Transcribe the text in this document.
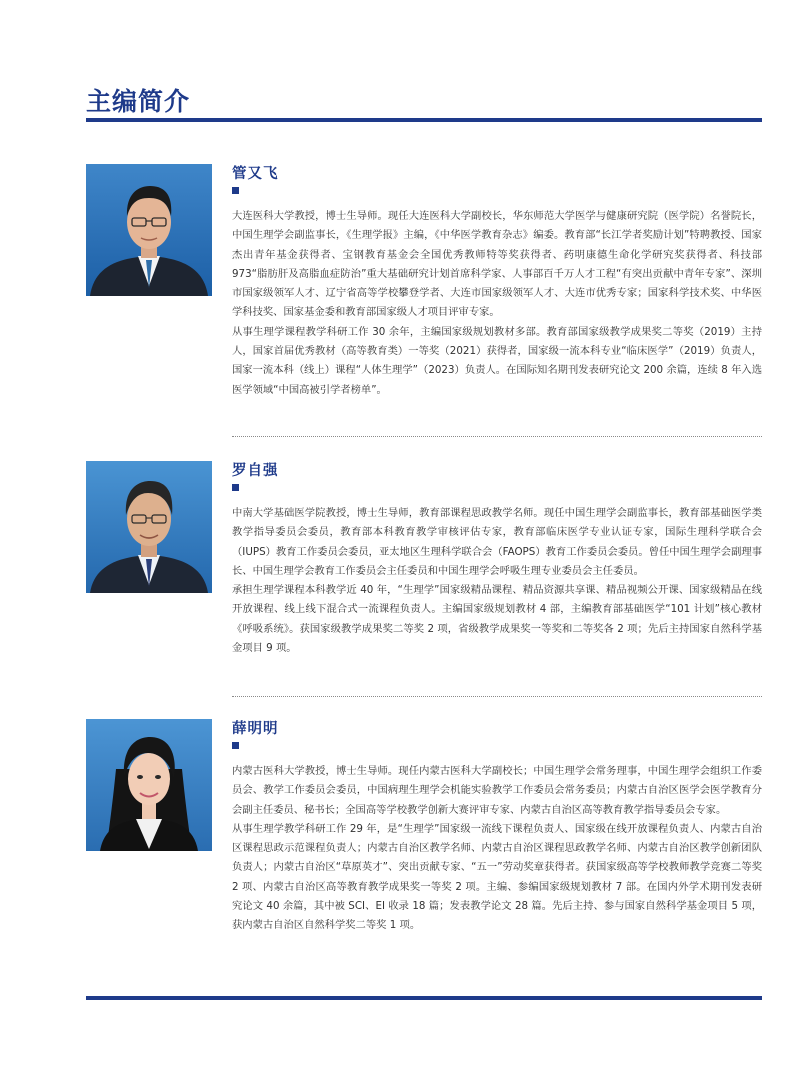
主编简介
管又飞

大连医科大学教授，博士生导师。现任大连医科大学副校长，华东师范大学医学与健康研究院（医学院）名誉院长，中国生理学会副监事长，《生理学报》主编，《中华医学教育杂志》编委。教育部“长江学者奖励计划”特聘教授、国家杰出青年基金获得者、宝钢教育基金会全国优秀教师特等奖获得者、药明康德生命化学研究奖获得者、科技部 973“脂肪肝及高脂血症防治”重大基础研究计划首席科学家、人事部百千万人才工程“有突出贡献中青年专家”、深圳市国家级领军人才、辽宁省高等学校攀登学者、大连市国家级领军人才、大连市优秀专家；国家科学技术奖、中华医学科技奖、国家基金委和教育部国家级人才项目评审专家。

从事生理学课程教学科研工作 30 余年，主编国家级规划教材多部。教育部国家级教学成果奖二等奖（2019）主持人，国家首届优秀教材（高等教育类）一等奖（2021）获得者，国家级一流本科专业“临床医学”（2019）负责人，国家一流本科（线上）课程“人体生理学”（2023）负责人。在国际知名期刊发表研究论文 200 余篇，连续 8 年入选医学领域“中国高被引学者榜单”。

罗自强

中南大学基础医学院教授，博士生导师，教育部课程思政教学名师。现任中国生理学会副监事长，教育部基础医学类教学指导委员会委员，教育部本科教育教学审核评估专家，教育部临床医学专业认证专家，国际生理科学联合会（IUPS）教育工作委员会委员，亚太地区生理科学联合会（FAOPS）教育工作委员会委员。曾任中国生理学会副理事长、中国生理学会教育工作委员会主任委员和中国生理学会呼吸生理专业委员会主任委员。

承担生理学课程本科教学近 40 年，“生理学”国家级精品课程、精品资源共享课、精品视频公开课、国家级精品在线开放课程、线上线下混合式一流课程负责人。主编国家级规划教材 4 部，主编教育部基础医学“101 计划”核心教材《呼吸系统》。获国家级教学成果奖二等奖 2 项，省级教学成果奖一等奖和二等奖各 2 项；先后主持国家自然科学基金项目 9 项。

薛明明

内蒙古医科大学教授，博士生导师。现任内蒙古医科大学副校长；中国生理学会常务理事，中国生理学会组织工作委员会、教学工作委员会委员，中国病理生理学会机能实验教学工作委员会常务委员；内蒙古自治区医学会医学教育分会副主任委员、秘书长；全国高等学校教学创新大赛评审专家、内蒙古自治区高等教育教学指导委员会专家。

从事生理学教学科研工作 29 年，是“生理学”国家级一流线下课程负责人、国家级在线开放课程负责人、内蒙古自治区课程思政示范课程负责人；内蒙古自治区教学名师、内蒙古自治区课程思政教学名师、内蒙古自治区教学创新团队负责人；内蒙古自治区“草原英才”、突出贡献专家、“五一”劳动奖章获得者。获国家级高等学校教师教学竞赛二等奖 2 项、内蒙古自治区高等教育教学成果奖一等奖 2 项。主编、参编国家级规划教材 7 部。在国内外学术期刊发表研究论文 40 余篇，其中被 SCI、EI 收录 18 篇；发表教学论文 28 篇。先后主持、参与国家自然科学基金项目 5 项，获内蒙古自治区自然科学奖二等奖 1 项。
